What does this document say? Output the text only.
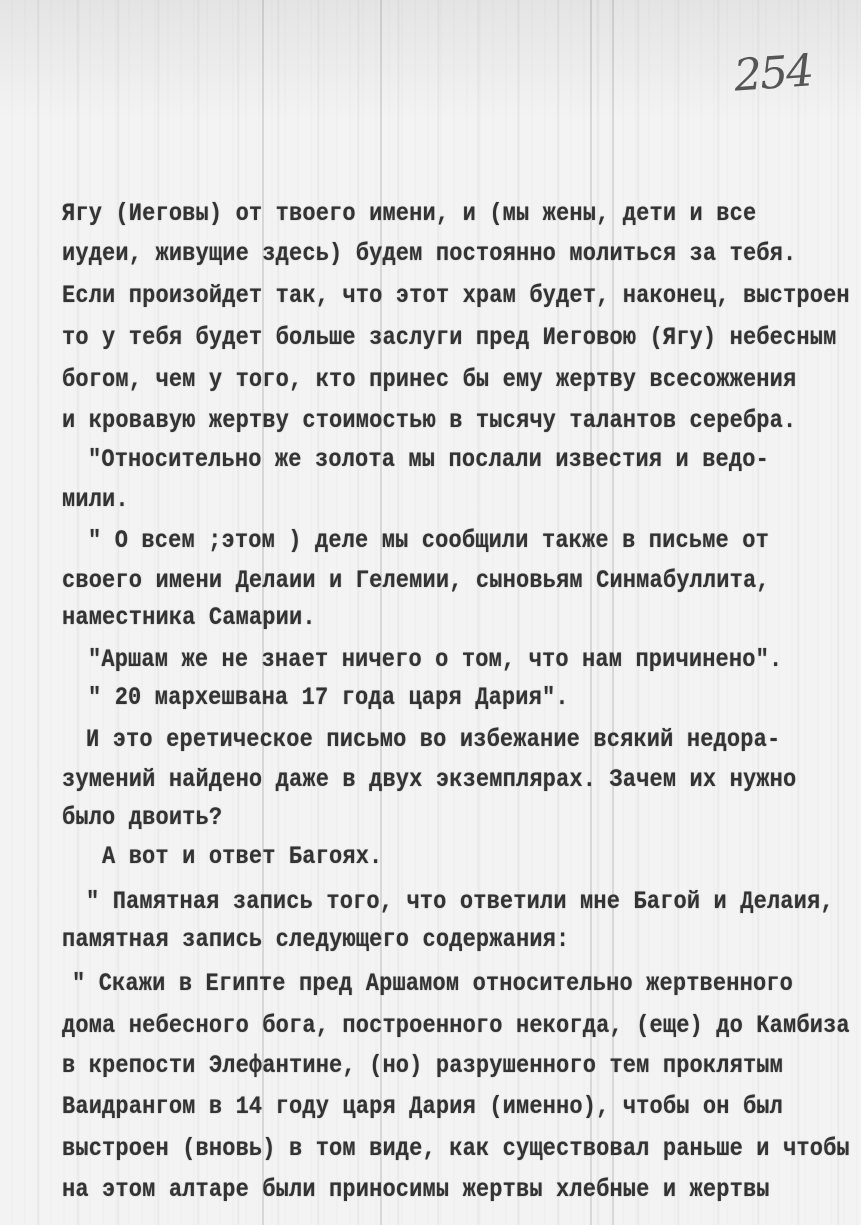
254
Ягу (Иеговы) от твоего имени, и (мы жены, дети и все
иудеи, живущие здесь) будем постоянно молиться за тебя.
Если произойдет так, что этот храм будет, наконец, выстроен
то у тебя будет больше заслуги пред Иеговою (Ягу) небесным
богом, чем у того, кто принес бы ему жертву всесожжения
и кровавую жертву стоимостью в тысячу талантов серебра.
"Относительно же золота мы послали известия и ведо-
мили.
" О всем ;этом ) деле мы сообщили также в письме от
своего имени Делаии и Гелемии, сыновьям Синмабуллита,
наместника Самарии.
"Аршам же не знает ничего о том, что нам причинено".
" 20 мархешвана 17 года царя Дария".
И это еретическое письмо во избежание всякий недора-
зумений найдено даже в двух экземплярах. Зачем их нужно
было двоить?
А вот и ответ Багоях.
" Памятная запись того, что ответили мне Багой и Делаия,
памятная запись следующего содержания:
" Скажи в Египте пред Аршамом относительно жертвенного
дома небесного бога, построенного некогда, (еще) до Камбиза
в крепости Элефантине, (но) разрушенного тем проклятым
Ваидрангом в 14 году царя Дария (именно), чтобы он был
выстроен (вновь) в том виде, как существовал раньше и чтобы
на этом алтаре были приносимы жертвы хлебные и жертвы
